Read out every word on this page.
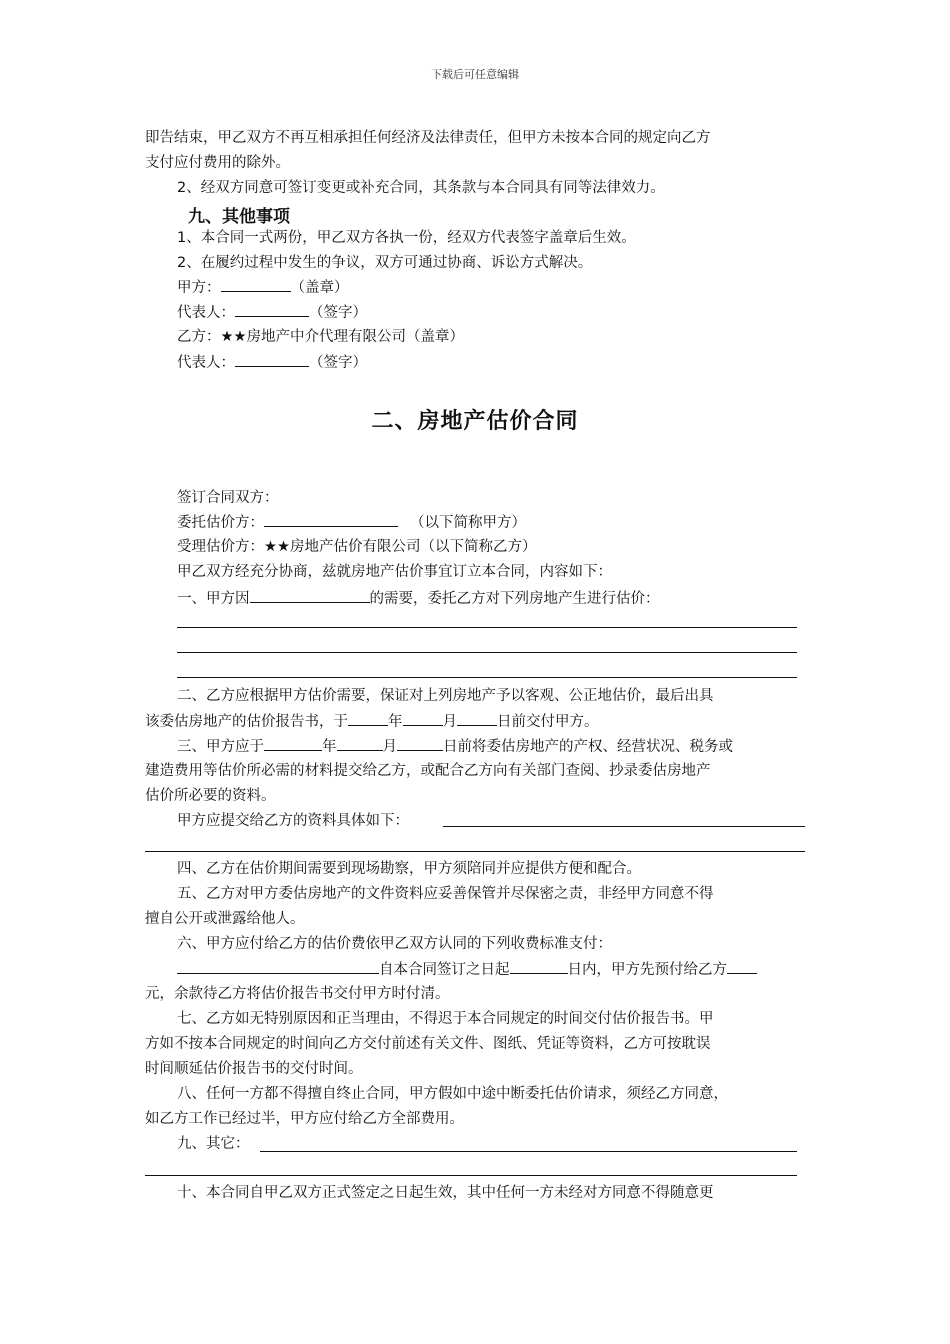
下载后可任意编辑
即告结束，甲乙双方不再互相承担任何经济及法律责任，但甲方未按本合同的规定向乙方
支付应付费用的除外。
2、经双方同意可签订变更或补充合同，其条款与本合同具有同等法律效力。
九、其他事项
1、本合同一式两份，甲乙双方各执一份，经双方代表签字盖章后生效。
2、在履约过程中发生的争议，双方可通过协商、诉讼方式解决。
甲方：	（盖章）
代表人：	（签字）
乙方：★★房地产中介代理有限公司（盖章）
代表人：	（签字）
二、房地产估价合同
签订合同双方：
委托估价方：	（以下简称甲方）
受理估价方：★★房地产估价有限公司（以下简称乙方）
甲乙双方经充分协商，兹就房地产估价事宜订立本合同，内容如下：
一、甲方因	的需要，委托乙方对下列房地产生进行估价：
二、乙方应根据甲方估价需要，保证对上列房地产予以客观、公正地估价，最后出具
该委估房地产的估价报告书，于	年	月	日前交付甲方。
三、甲方应于	年	月	日前将委估房地产的产权、经营状况、税务或
建造费用等估价所必需的材料提交给乙方，或配合乙方向有关部门查阅、抄录委估房地产
估价所必要的资料。
甲方应提交给乙方的资料具体如下：
四、乙方在估价期间需要到现场勘察，甲方须陪同并应提供方便和配合。
五、乙方对甲方委估房地产的文件资料应妥善保管并尽保密之责，非经甲方同意不得
擅自公开或泄露给他人。
六、甲方应付给乙方的估价费依甲乙双方认同的下列收费标准支付：
自本合同签订之日起	日内，甲方先预付给乙方
元，余款待乙方将估价报告书交付甲方时付清。
七、乙方如无特别原因和正当理由，不得迟于本合同规定的时间交付估价报告书。甲
方如不按本合同规定的时间向乙方交付前述有关文件、图纸、凭证等资料，乙方可按耽误
时间顺延估价报告书的交付时间。
八、任何一方都不得擅自终止合同，甲方假如中途中断委托估价请求，须经乙方同意，
如乙方工作已经过半，甲方应付给乙方全部费用。
九、其它：
十、本合同自甲乙双方正式签定之日起生效，其中任何一方未经对方同意不得随意更
